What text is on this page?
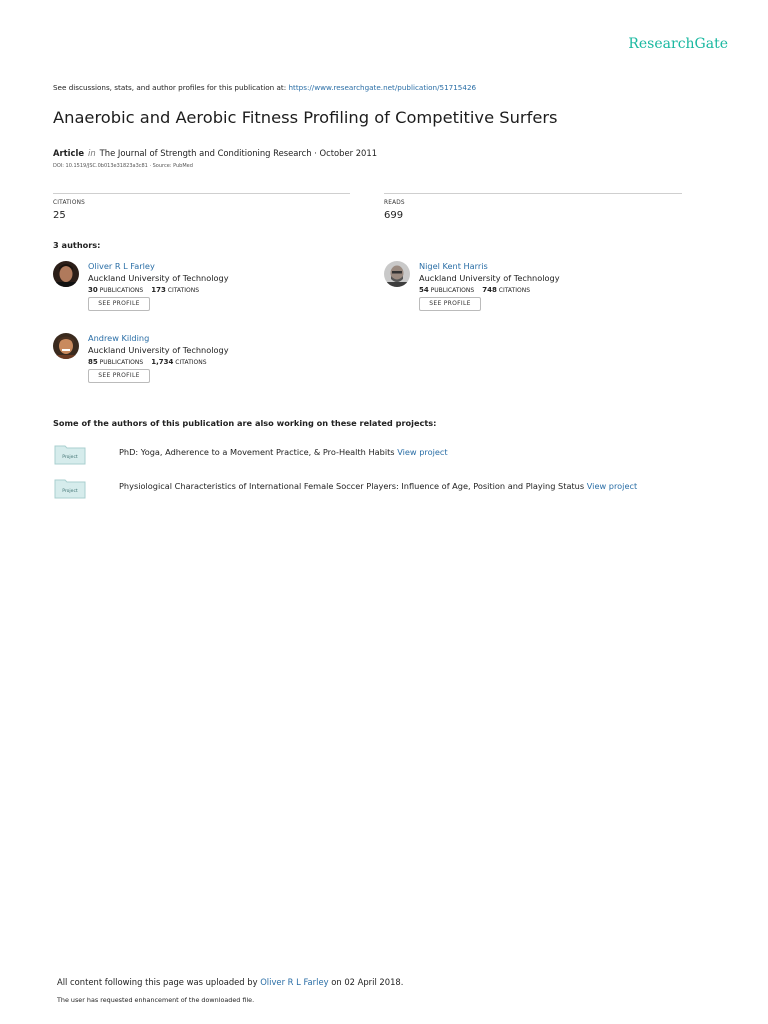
ResearchGate
See discussions, stats, and author profiles for this publication at: https://www.researchgate.net/publication/51715426
Anaerobic and Aerobic Fitness Profiling of Competitive Surfers
Article in The Journal of Strength and Conditioning Research · October 2011
DOI: 10.1519/JSC.0b013e31823a3c81 · Source: PubMed
CITATIONS
25
READS
699
3 authors:
Oliver R L Farley
Auckland University of Technology
30 PUBLICATIONS 173 CITATIONS
SEE PROFILE
Nigel Kent Harris
Auckland University of Technology
54 PUBLICATIONS 748 CITATIONS
SEE PROFILE
Andrew Kilding
Auckland University of Technology
85 PUBLICATIONS 1,734 CITATIONS
SEE PROFILE
Some of the authors of this publication are also working on these related projects:
Project
PhD: Yoga, Adherence to a Movement Practice, & Pro-Health Habits View project
Project
Physiological Characteristics of International Female Soccer Players: Influence of Age, Position and Playing Status View project
All content following this page was uploaded by Oliver R L Farley on 02 April 2018.
The user has requested enhancement of the downloaded file.
